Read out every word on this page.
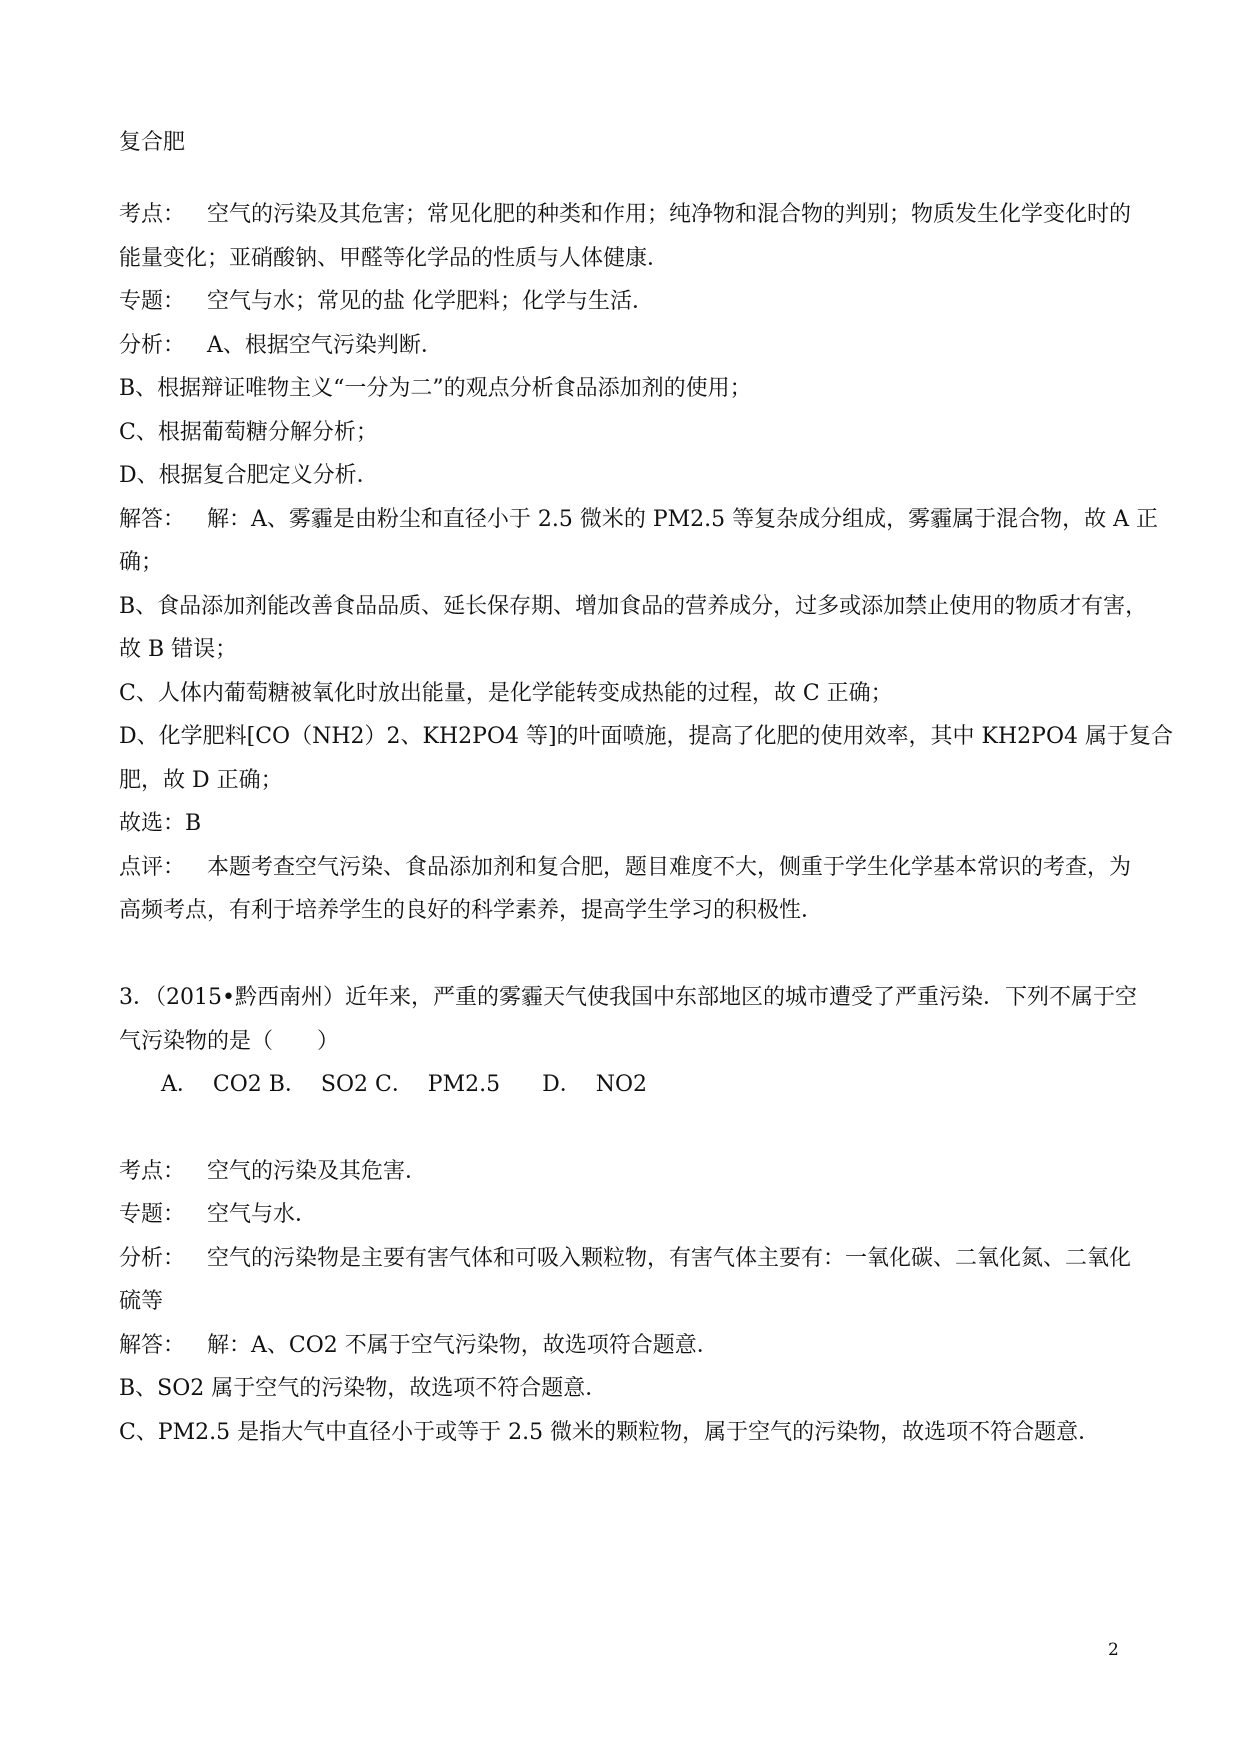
复合肥
考点： 空气的污染及其危害；常见化肥的种类和作用；纯净物和混合物的判别；物质发生化学变化时的
能量变化；亚硝酸钠、甲醛等化学品的性质与人体健康．
专题： 空气与水；常见的盐 化学肥料；化学与生活．
分析： A、根据空气污染判断．
B、根据辩证唯物主义“一分为二”的观点分析食品添加剂的使用；
C、根据葡萄糖分解分析；
D、根据复合肥定义分析．
解答： 解：A、雾霾是由粉尘和直径小于 2.5 微米的 PM2.5 等复杂成分组成，雾霾属于混合物，故 A 正
确；
B、食品添加剂能改善食品品质、延长保存期、增加食品的营养成分，过多或添加禁止使用的物质才有害，
故 B 错误；
C、人体内葡萄糖被氧化时放出能量，是化学能转变成热能的过程，故 C 正确；
D、化学肥料[CO（NH2）2、KH2PO4 等]的叶面喷施，提高了化肥的使用效率，其中 KH2PO4 属于复合
肥，故 D 正确；
故选：B
点评： 本题考查空气污染、食品添加剂和复合肥，题目难度不大，侧重于学生化学基本常识的考查，为
高频考点，有利于培养学生的良好的科学素养，提高学生学习的积极性．
3．（2015•黔西南州）近年来，严重的雾霾天气使我国中东部地区的城市遭受了严重污染．下列不属于空
气污染物的是（　　）
A．  CO2 B．  SO2 C．  PM2.5      D．  NO2
考点： 空气的污染及其危害．
专题： 空气与水．
分析： 空气的污染物是主要有害气体和可吸入颗粒物，有害气体主要有：一氧化碳、二氧化氮、二氧化
硫等
解答： 解：A、CO2 不属于空气污染物，故选项符合题意．
B、SO2 属于空气的污染物，故选项不符合题意．
C、PM2.5 是指大气中直径小于或等于 2.5 微米的颗粒物，属于空气的污染物，故选项不符合题意．
2
